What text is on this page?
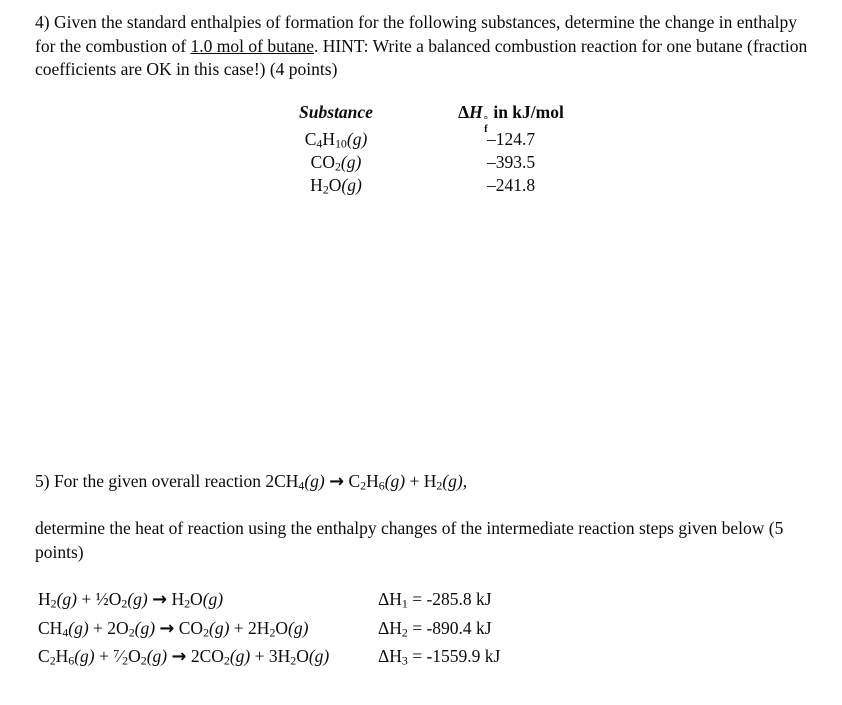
4) Given the standard enthalpies of formation for the following substances, determine the change in enthalpy for the combustion of 1.0 mol of butane. HINT: Write a balanced combustion reaction for one butane (fraction coefficients are OK in this case!) (4 points)
Substance	ΔH °
f
in kJ/mol
C4H10(g)	–124.7
CO2(g)	–393.5
H2O(g)	–241.8
5) For the given overall reaction 2CH4(g) → C2H6(g) + H2(g),
determine the heat of reaction using the enthalpy changes of the intermediate reaction steps given below (5 points)
H2(g) + ½O2(g) → H2O(g)	ΔH1 = -285.8 kJ
CH4(g) + 2O2(g) → CO2(g) + 2H2O(g)	ΔH2 = -890.4 kJ
C2H6(g) + $^7$⁄2O2(g) → 2CO2(g) + 3H2O(g)	ΔH3 = -1559.9 kJ
